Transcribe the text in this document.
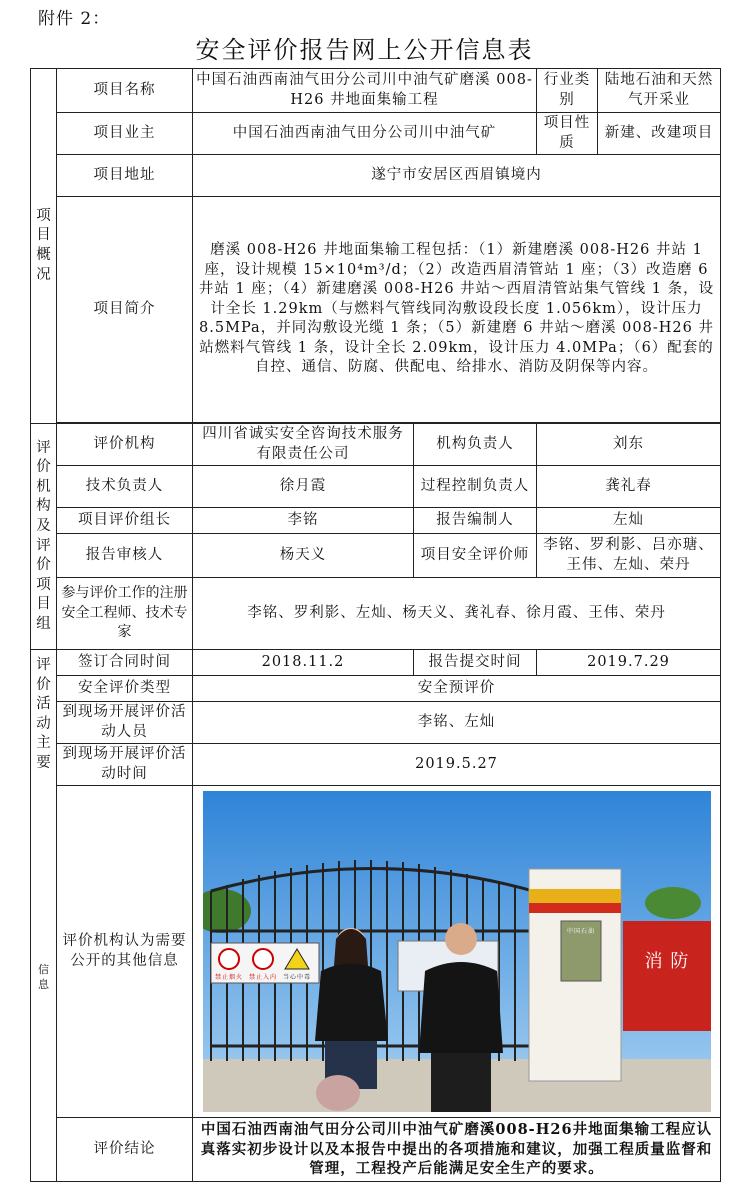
附件 2：
安全评价报告网上公开信息表
项目概况	项目名称	中国石油西南油气田分公司川中油气矿磨溪 008-H26 井地面集输工程		行业类别	陆地石油和天然气开采业
	项目业主	中国石油西南油气田分公司川中油气矿		项目性质	新建、改建项目
	项目地址	遂宁市安居区西眉镇境内			
	项目简介	磨溪 008-H26 井地面集输工程包括：（1）新建磨溪 008-H26 井站 1 座，设计规模 15×10⁴m³/d；（2）改造西眉清管站 1 座；（3）改造磨 6 井站 1 座；（4）新建磨溪 008-H26 井站～西眉清管站集气管线 1 条，设计全长 1.29km（与燃料气管线同沟敷设段长度 1.056km），设计压力 8.5MPa，并同沟敷设光缆 1 条；（5）新建磨 6 井站～磨溪 008-H26 井站燃料气管线 1 条，设计全长 2.09km，设计压力 4.0MPa；（6）配套的自控、通信、防腐、供配电、给排水、消防及阴保等内容。			

评价机构及评价项目组	评价机构	四川省诚实安全咨询技术服务有限责任公司	机构负责人	刘东	
	技术负责人	徐月霞	过程控制负责人	龚礼春	
	项目评价组长	李铭	报告编制人	左灿	
	报告审核人	杨天义	项目安全评价师	李铭、罗利影、吕亦瑭、王伟、左灿、荣丹	
	参与评价工作的注册安全工程师、技术专家	李铭、罗利影、左灿、杨天义、龚礼春、徐月霞、王伟、荣丹			
评价活动主要
信息	签订合同时间	2018.11.2	报告提交时间	2019.7.29	
	安全评价类型	安全预评价			
	到现场开展评价活动人员	李铭、左灿			
	到现场开展评价活动时间	2019.5.27			
	评价机构认为需要公开的其他信息	禁止烟火 禁止入内 当心中毒
中国石油
消 防			

	评价结论	中国石油西南油气田分公司川中油气矿磨溪008-H26井地面集输工程应认真落实初步设计以及本报告中提出的各项措施和建议，加强工程质量监督和管理，工程投产后能满足安全生产的要求。			
